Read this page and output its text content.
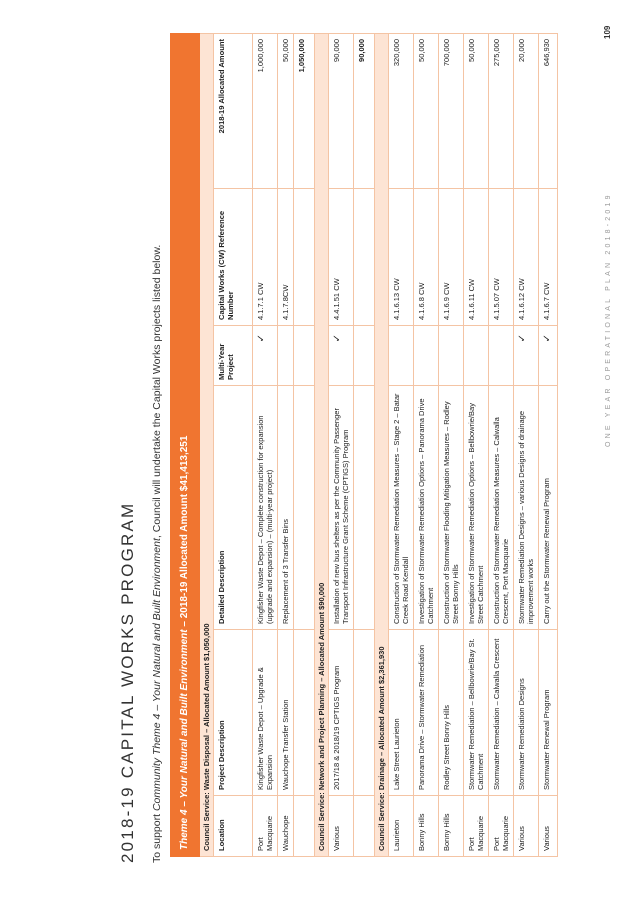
2018-19 CAPITAL WORKS PROGRAM To support Community Theme 4 – Your Natural and Built Environment, Council will undertake the Capital Works projects listed below.
Theme 4 – Your Natural and Built Environment – 2018-19 Allocated Amount $41,413,251					
Council Service: Waste Disposal – Allocated Amount $1,050,000					
Location	Project Description	Detailed Description	Multi-Year Project	Capital Works (CW) Reference Number	2018-19 Allocated Amount
Port Macquarie	Kingfisher Waste Depot – Upgrade & Expansion	Kingfisher Waste Depot – Complete construction for expansion (upgrade and expansion) – (multi-year project)	✓	4.1.7.1 CW	1,000,000
Wauchope	Wauchope Transfer Station	Replacement of 3 Transfer Bins		4.1.7.8CW	50,000
					1,050,000
Council Service: Network and Project Planning – Allocated Amount $90,000					
Various	2017/18 & 2018/19 CPTIGS Program	Installation of new bus shelters as per the Community Passenger Transport Infrastructure Grant Scheme (CPTIGS) Program	✓	4.4.1.51 CW	90,000
					90,000
Council Service: Drainage – Allocated Amount $2,361,930					
Laurieton	Lake Street Laurieton	Construction of Stormwater Remediation Measures – Stage 2 – Batar Creek Road Kendall		4.1.6.13 CW	320,000
Bonny Hills	Panorama Drive – Stormwater Remediation	Investigation of Stormwater Remediation Options – Panorama Drive Catchment		4.1.6.8 CW	50,000
Bonny Hills	Rodley Street Bonny Hills	Construction of Stormwater Flooding Mitigation Measures – Rodley Street Bonny Hills		4.1.6.9 CW	700,000
Port Macquarie	Stormwater Remediation – Bellbowrie/Bay St. Catchment	Investigation of Stormwater Remediation Options – Bellbowrie/Bay Street Catchment		4.1.6.11 CW	50,000
Port Macquarie	Stormwater Remediation – Calwalla Crescent	Construction of Stormwater Remediation Measures – Calwalla Crescent, Port Macquarie		4.1.5.07 CW	275,000
Various	Stormwater Remediation Designs	Stormwater Remediation Designs – various Designs of drainage improvement works	✓	4.1.6.12 CW	20,000
Various	Stormwater Renewal Program	Carry out the Stormwater Renewal Program	✓	4.1.6.7 CW	646,930
ONE YEAR OPERATIONAL PLAN 2018-2019
109
